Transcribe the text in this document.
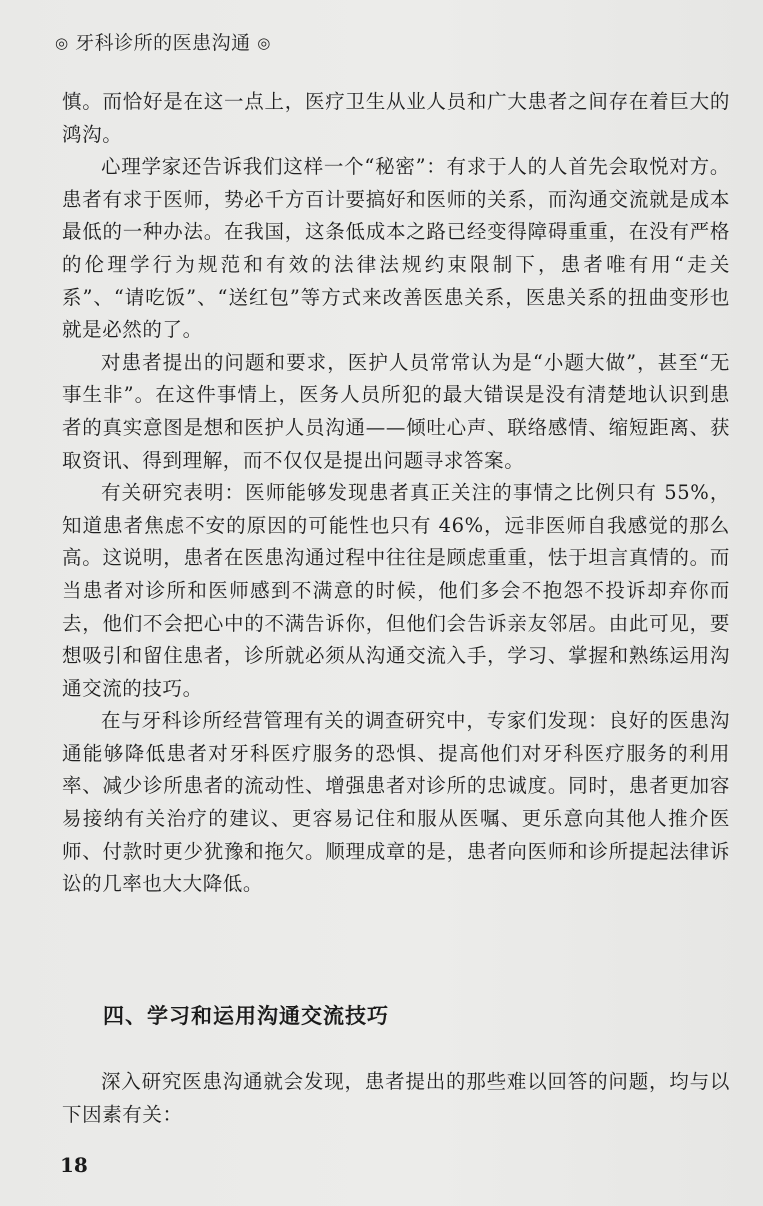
◎ 牙科诊所的医患沟通 ◎

慎。而恰好是在这一点上，医疗卫生从业人员和广大患者之间存在着巨大的鸿沟。

心理学家还告诉我们这样一个“秘密”：有求于人的人首先会取悦对方。患者有求于医师，势必千方百计要搞好和医师的关系，而沟通交流就是成本最低的一种办法。在我国，这条低成本之路已经变得障碍重重，在没有严格的伦理学行为规范和有效的法律法规约束限制下，患者唯有用“走关系”、“请吃饭”、“送红包”等方式来改善医患关系，医患关系的扭曲变形也就是必然的了。

对患者提出的问题和要求，医护人员常常认为是“小题大做”，甚至“无事生非”。在这件事情上，医务人员所犯的最大错误是没有清楚地认识到患者的真实意图是想和医护人员沟通——倾吐心声、联络感情、缩短距离、获取资讯、得到理解，而不仅仅是提出问题寻求答案。

有关研究表明：医师能够发现患者真正关注的事情之比例只有 55%，知道患者焦虑不安的原因的可能性也只有 46%，远非医师自我感觉的那么高。这说明，患者在医患沟通过程中往往是顾虑重重，怯于坦言真情的。而当患者对诊所和医师感到不满意的时候，他们多会不抱怨不投诉却弃你而去，他们不会把心中的不满告诉你，但他们会告诉亲友邻居。由此可见，要想吸引和留住患者，诊所就必须从沟通交流入手，学习、掌握和熟练运用沟通交流的技巧。

在与牙科诊所经营管理有关的调查研究中，专家们发现：良好的医患沟通能够降低患者对牙科医疗服务的恐惧、提高他们对牙科医疗服务的利用率、减少诊所患者的流动性、增强患者对诊所的忠诚度。同时，患者更加容易接纳有关治疗的建议、更容易记住和服从医嘱、更乐意向其他人推介医师、付款时更少犹豫和拖欠。顺理成章的是，患者向医师和诊所提起法律诉讼的几率也大大降低。

四、学习和运用沟通交流技巧

深入研究医患沟通就会发现，患者提出的那些难以回答的问题，均与以下因素有关：

18
